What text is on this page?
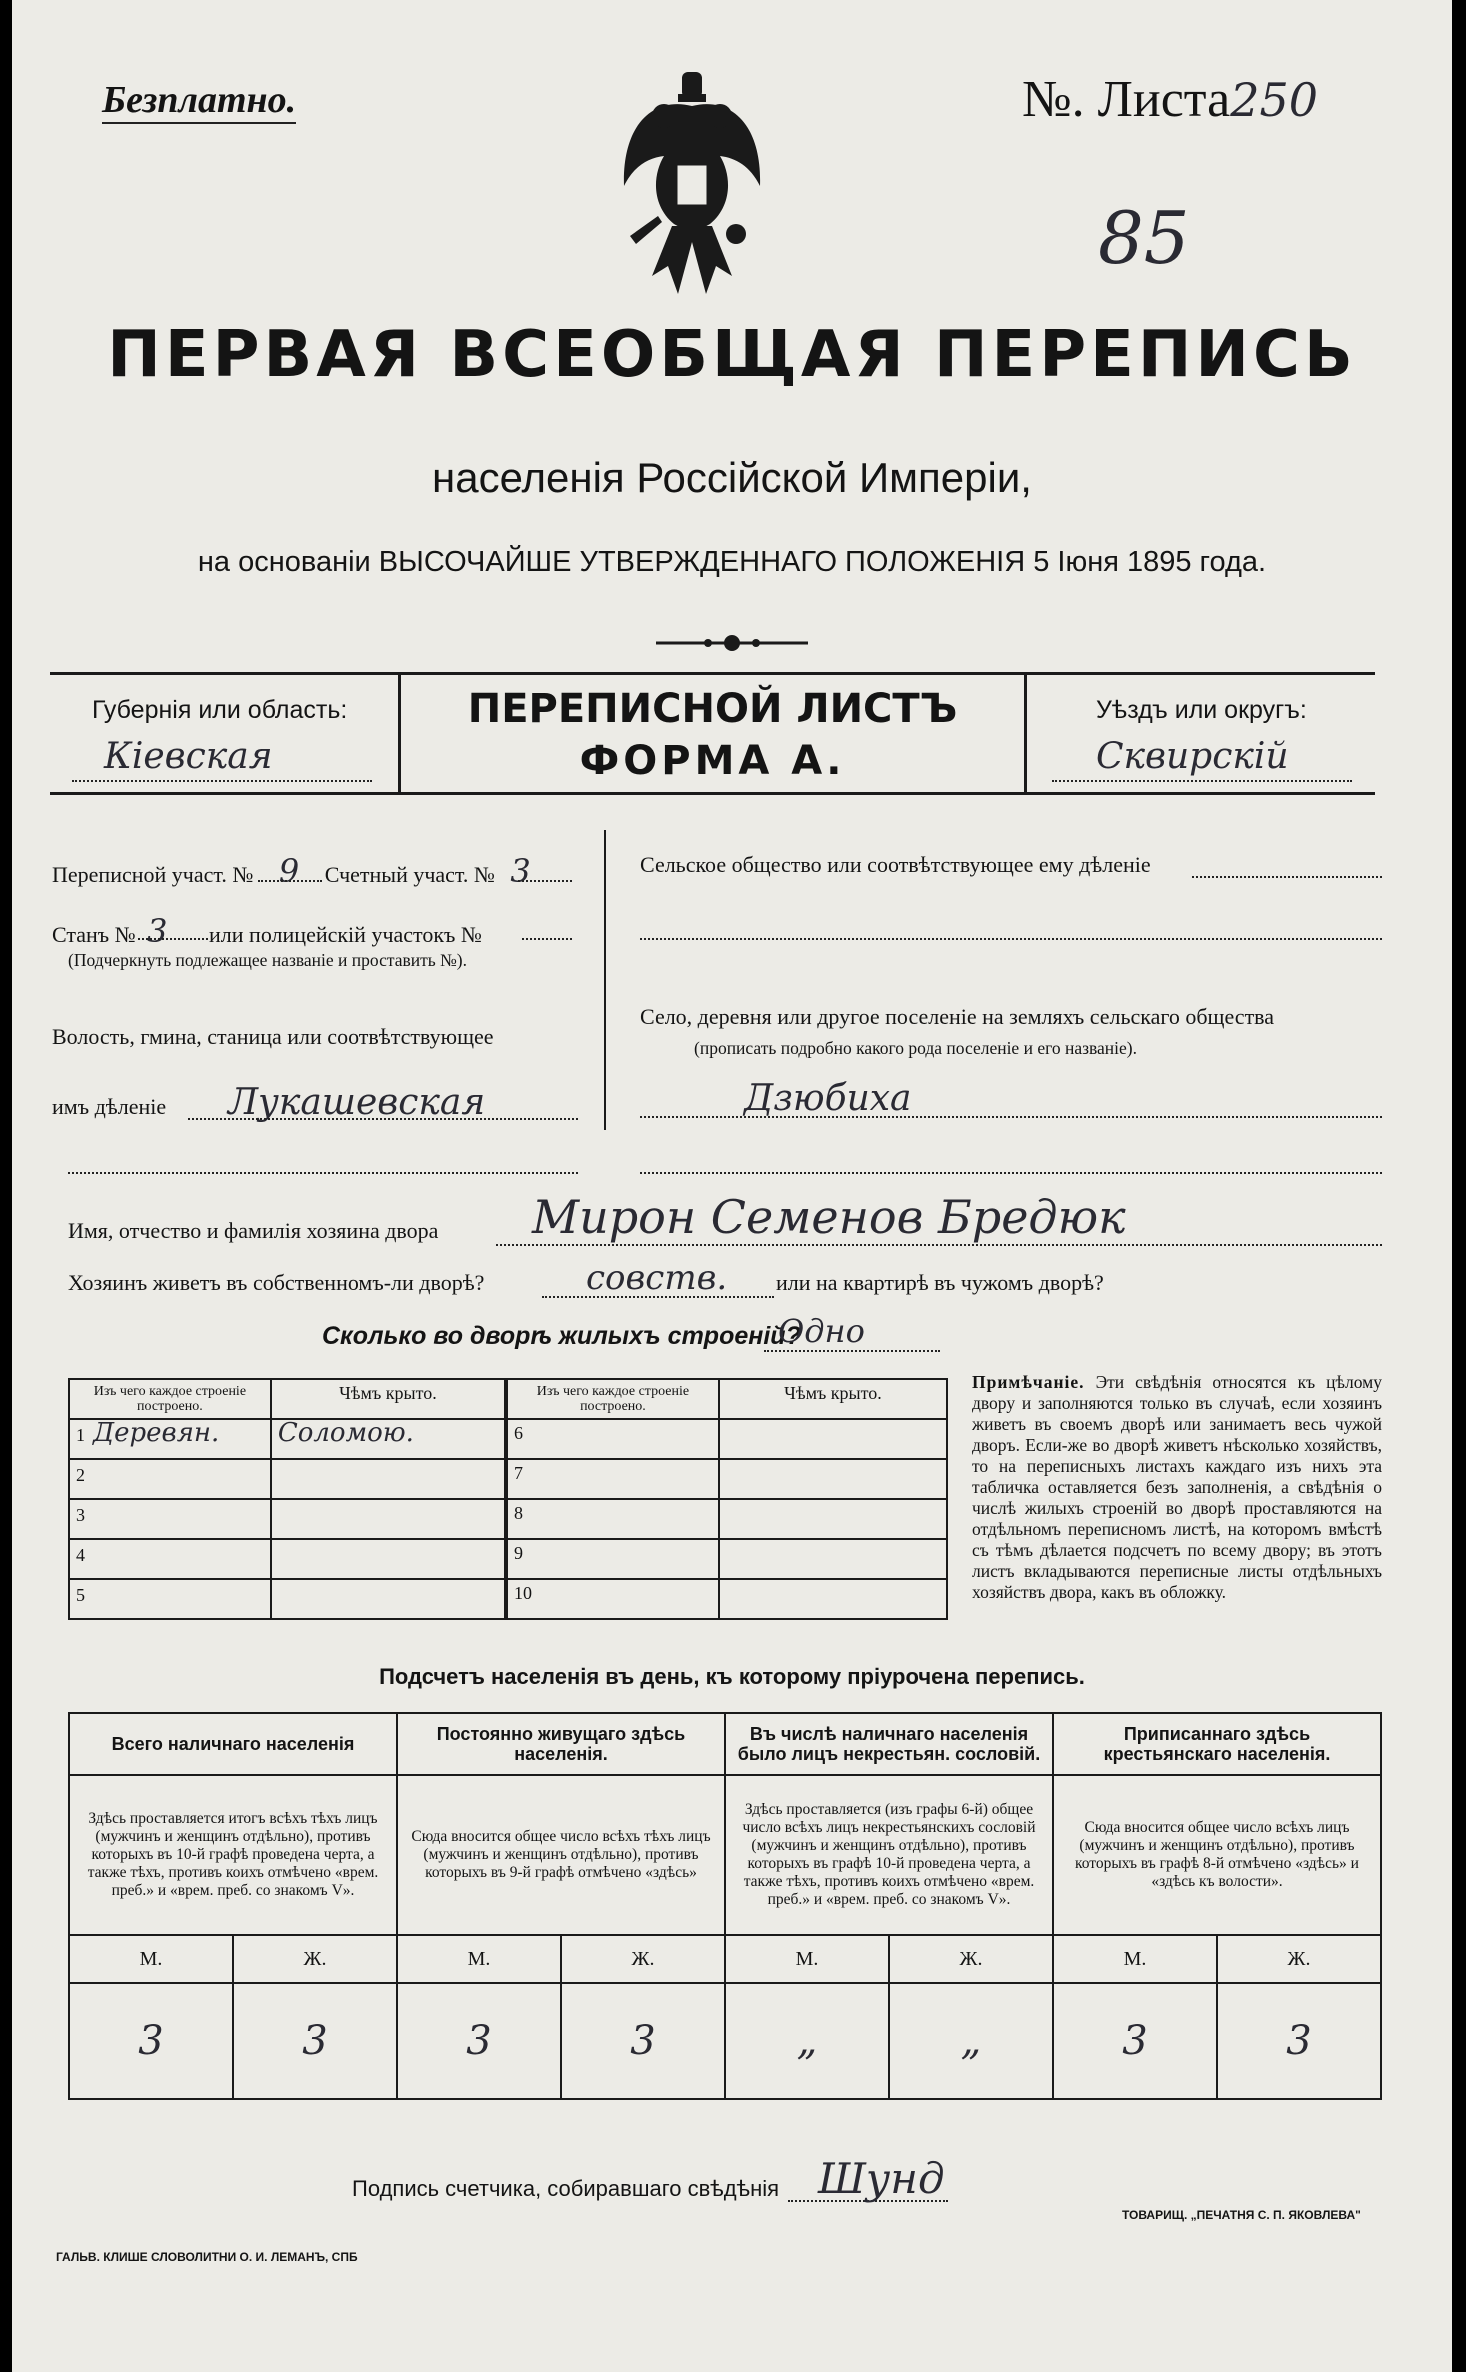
Безплатно.	№. Листа250
85
ПЕРВАЯ ВСЕОБЩАЯ ПЕРЕПИСЬ
населенія Россійской Имперіи,
на основаніи ВЫСОЧАЙШЕ УТВЕРЖДЕННАГО ПОЛОЖЕНІЯ 5 Іюня 1895 года.
Губернія или область:
Кіевская
ПЕРЕПИСНОЙ ЛИСТЪ
ФОРМА А.
Уѣздъ или округъ:
Сквирскій
Переписной участ. № 9 Счетный участ. № 3
Станъ № 3 или полицейскій участокъ №
(Подчеркнуть подлежащее названіе и проставить №).
Волость, гмина, станица или соотвѣтствующее
имъ дѣленіе Лукашевская
Сельское общество или соотвѣтствующее ему дѣленіе
Село, деревня или другое поселеніе на земляхъ сельскаго общества
(прописать подробно какого рода поселеніе и его названіе).
Дзюбиха
Имя, отчество и фамилія хозяина двора Мирон Семенов Бредюк
Хозяинъ живетъ въ собственномъ-ли дворѣ?	совств. или на квартирѣ въ чужомъ дворѣ?
Сколько во дворѣ жилыхъ строеній?
Одно
Изъ чего каждое строеніе построено.	Чѣмъ крыто.	Изъ чего каждое строеніе построено.	Чѣмъ крыто.
1 Деревян.	Соломою.	6	
2		7	
3		8	
4		9	
5		10	
Примѣчаніе. Эти свѣдѣнія относятся къ цѣлому двору и заполняются только въ случаѣ, если хозяинъ живетъ въ своемъ дворѣ или занимаетъ весь чужой дворъ. Если-же во дворѣ живетъ нѣсколько хозяйствъ, то на переписныхъ листахъ каждаго изъ нихъ эта табличка оставляется безъ заполненія, а свѣдѣнія о числѣ жилыхъ строеній во дворѣ проставляются на отдѣльномъ переписномъ листѣ, на которомъ вмѣстѣ съ тѣмъ дѣлается подсчетъ по всему двору; въ этотъ листъ вкладываются переписные листы отдѣльныхъ хозяйствъ двора, какъ въ обложку.
Подсчетъ населенія въ день, къ которому пріурочена перепись.
Всего наличнаго населенія		Постоянно живущаго здѣсь населенія.		Въ числѣ наличнаго населенія было лицъ некрестьян. сословій.		Приписаннаго здѣсь крестьянскаго населенія.	
Здѣсь проставляется итогъ всѣхъ тѣхъ лицъ (мужчинъ и женщинъ отдѣльно), противъ которыхъ въ 10-й графѣ проведена черта, а также тѣхъ, противъ коихъ отмѣчено «врем. преб.» и «врем. преб. со знакомъ V».		Сюда вносится общее число всѣхъ тѣхъ лицъ (мужчинъ и женщинъ отдѣльно), противъ которыхъ въ 9-й графѣ отмѣчено «здѣсь»		Здѣсь проставляется (изъ графы 6-й) общее число всѣхъ лицъ некрестьянскихъ сословій (мужчинъ и женщинъ отдѣльно), противъ которыхъ въ графѣ 10-й проведена черта, а также тѣхъ, противъ коихъ отмѣчено «врем. преб.» и «врем. преб. со знакомъ V».		Сюда вносится общее число всѣхъ лицъ (мужчинъ и женщинъ отдѣльно), противъ которыхъ въ графѣ 8-й отмѣчено «здѣсь» и «здѣсь къ волости».	
М.	Ж.	М.	Ж.	М.	Ж.	М.	Ж.
3	3	3	3	„	„	3	3
Подпись счетчика, собиравшаго свѣдѣнія Шунд
ГАЛЬВ. КЛИШЕ СЛОВОЛИТНИ О. И. ЛЕМАНЪ, СПБ
ТОВАРИЩ. „ПЕЧАТНЯ С. П. ЯКОВЛЕВА"
